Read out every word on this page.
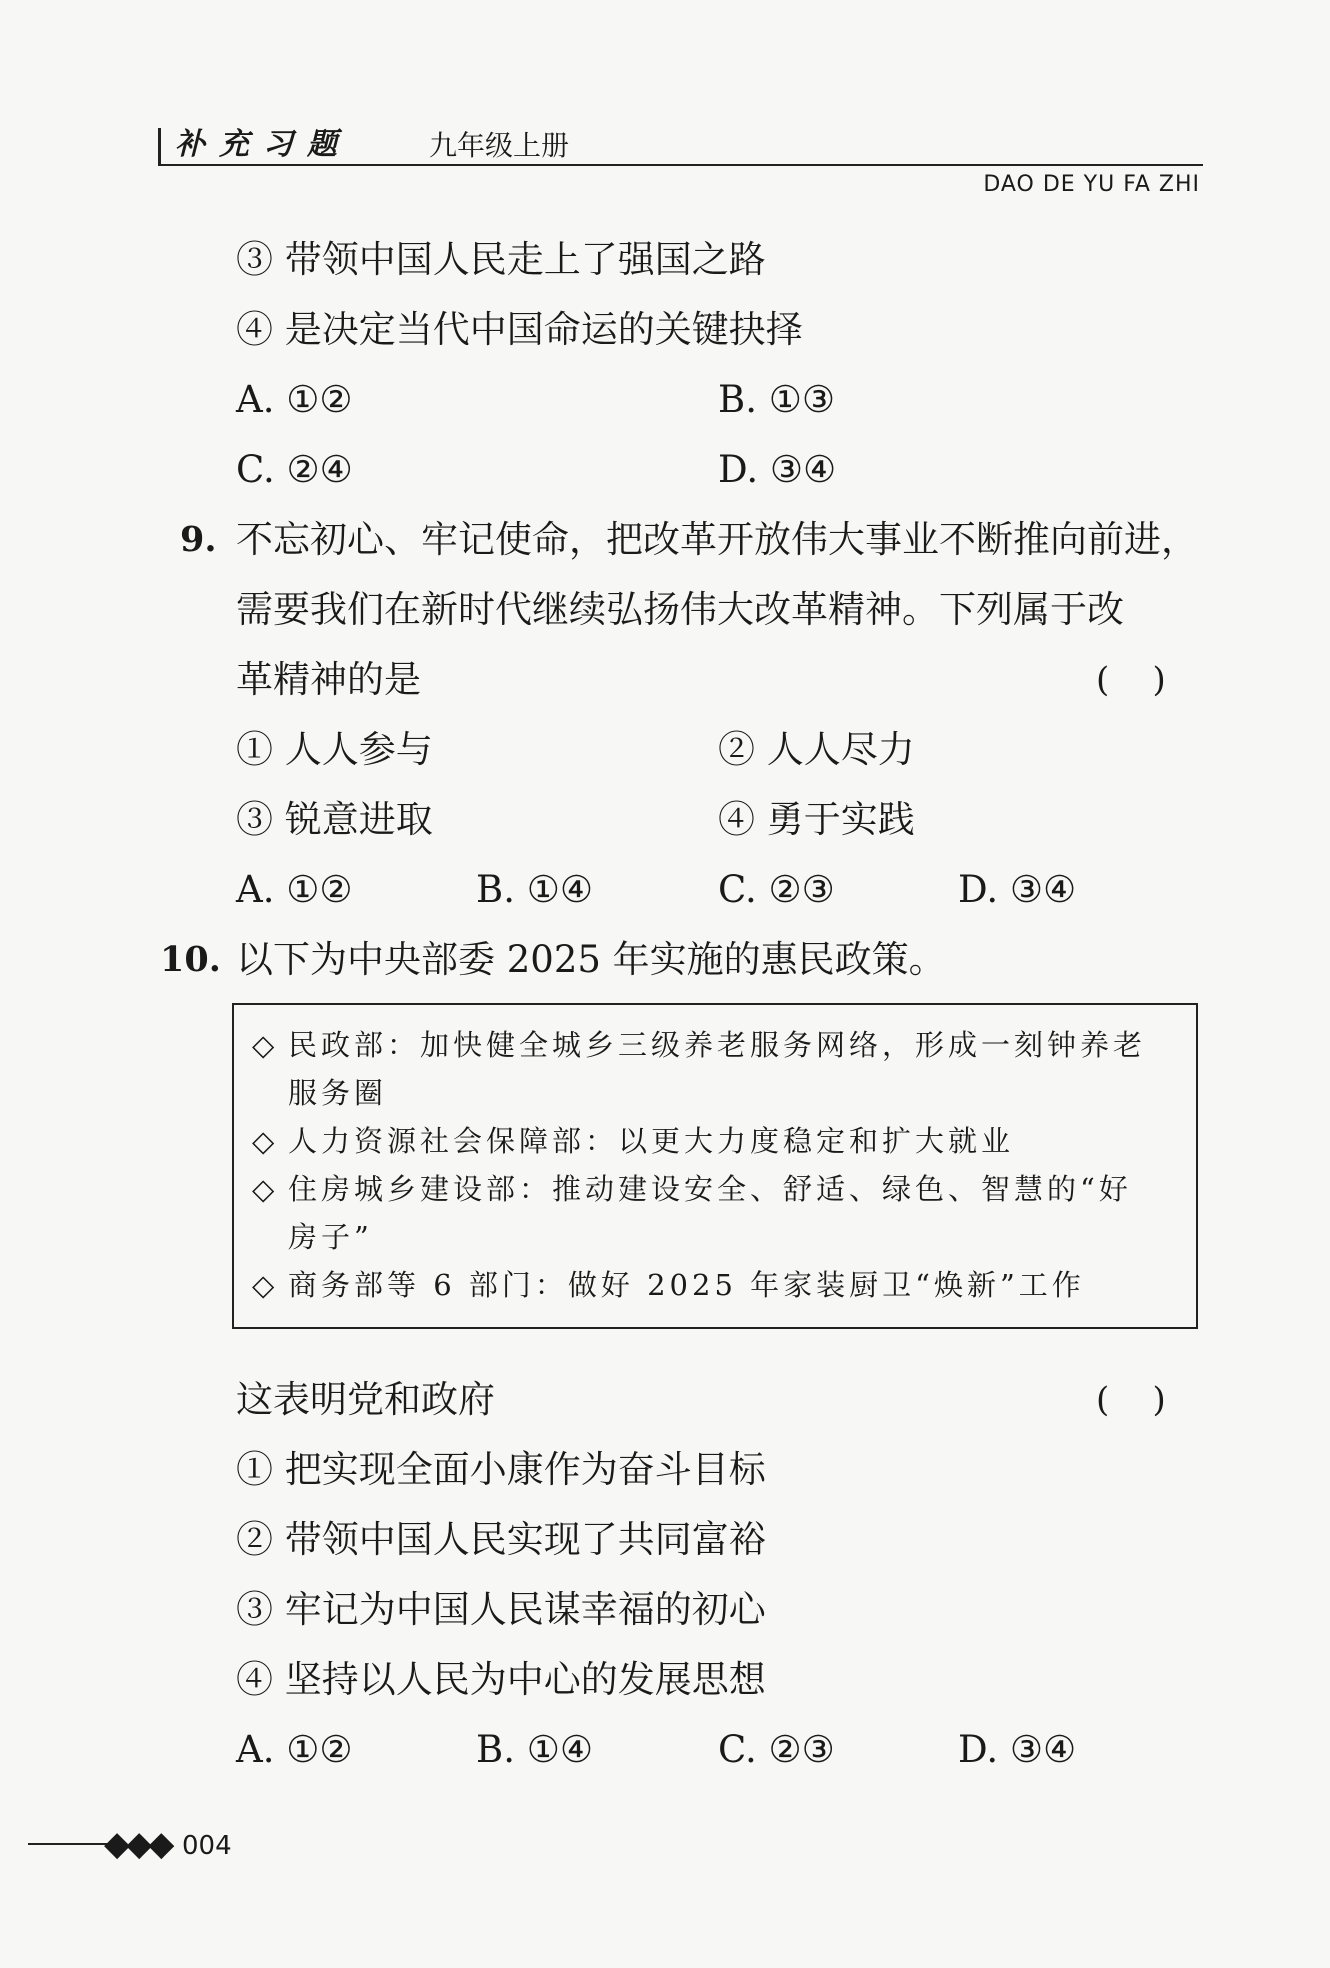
补充习题	九年级上册
DAO DE YU FA ZHI
③ 带领中国人民走上了强国之路
④ 是决定当代中国命运的关键抉择
A. ①②	B. ①③
C. ②④	D. ③④
9. 不忘初心、牢记使命，把改革开放伟大事业不断推向前进，
需要我们在新时代继续弘扬伟大改革精神。下列属于改
革精神的是	(    )
① 人人参与	② 人人尽力
③ 锐意进取	④ 勇于实践
A. ①②	B. ①④	C. ②③	D. ③④
10. 以下为中央部委 2025 年实施的惠民政策。
◇ 民政部：加快健全城乡三级养老服务网络，形成一刻钟养老
服务圈
◇ 人力资源社会保障部：以更大力度稳定和扩大就业
◇ 住房城乡建设部：推动建设安全、舒适、绿色、智慧的“好
房子”
◇ 商务部等 6 部门：做好 2025 年家装厨卫“焕新”工作
这表明党和政府	(    )
① 把实现全面小康作为奋斗目标
② 带领中国人民实现了共同富裕
③ 牢记为中国人民谋幸福的初心
④ 坚持以人民为中心的发展思想
A. ①②	B. ①④	C. ②③	D. ③④
◆◆◆ 004
